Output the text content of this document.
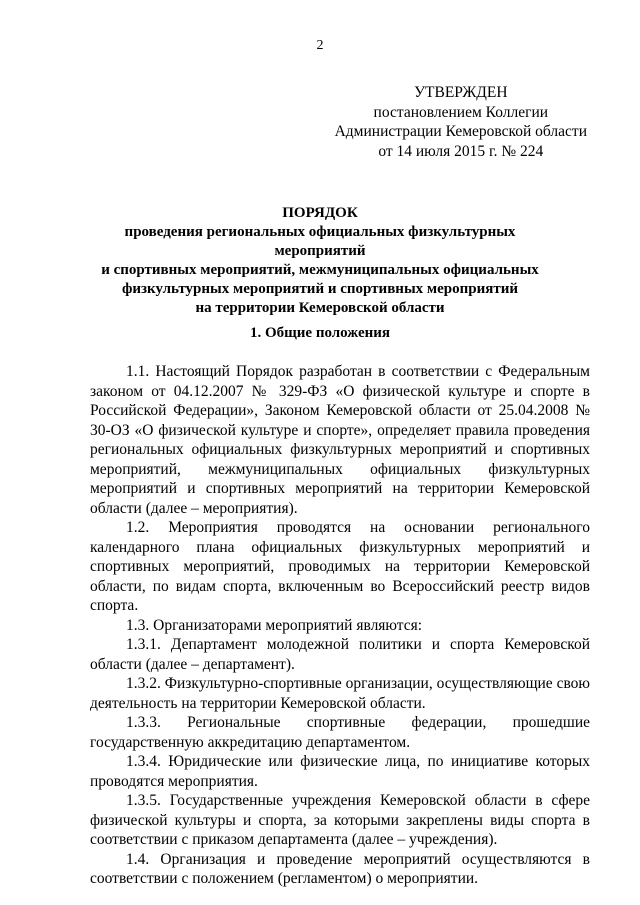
2
УТВЕРЖДЕН
постановлением Коллегии
Администрации Кемеровской области
от 14 июля 2015 г. № 224
ПОРЯДОК
проведения региональных официальных физкультурных мероприятий
и спортивных мероприятий, межмуниципальных официальных
физкультурных мероприятий и спортивных мероприятий
на территории Кемеровской области
1. Общие положения

1.1. Настоящий Порядок разработан в соответствии с Федеральным законом от 04.12.2007 № 329-ФЗ «О физической культуре и спорте в Российской Федерации», Законом Кемеровской области от 25.04.2008 № 30-ОЗ «О физической культуре и спорте», определяет правила проведения региональных официальных физкультурных мероприятий и спортивных мероприятий, межмуниципальных официальных физкультурных мероприятий и спортивных мероприятий на территории Кемеровской области (далее – мероприятия).

1.2. Мероприятия проводятся на основании регионального календарного плана официальных физкультурных мероприятий и спортивных мероприятий, проводимых на территории Кемеровской области, по видам спорта, включенным во Всероссийский реестр видов спорта.

1.3. Организаторами мероприятий являются:

1.3.1. Департамент молодежной политики и спорта Кемеровской области (далее – департамент).

1.3.2. Физкультурно-спортивные организации, осуществляющие свою деятельность на территории Кемеровской области.

1.3.3. Региональные спортивные федерации, прошедшие государственную аккредитацию департаментом.

1.3.4. Юридические или физические лица, по инициативе которых проводятся мероприятия.

1.3.5. Государственные учреждения Кемеровской области в сфере физической культуры и спорта, за которыми закреплены виды спорта в соответствии с приказом департамента (далее – учреждения).

1.4. Организация и проведение мероприятий осуществляются в соответствии с положением (регламентом) о мероприятии.
